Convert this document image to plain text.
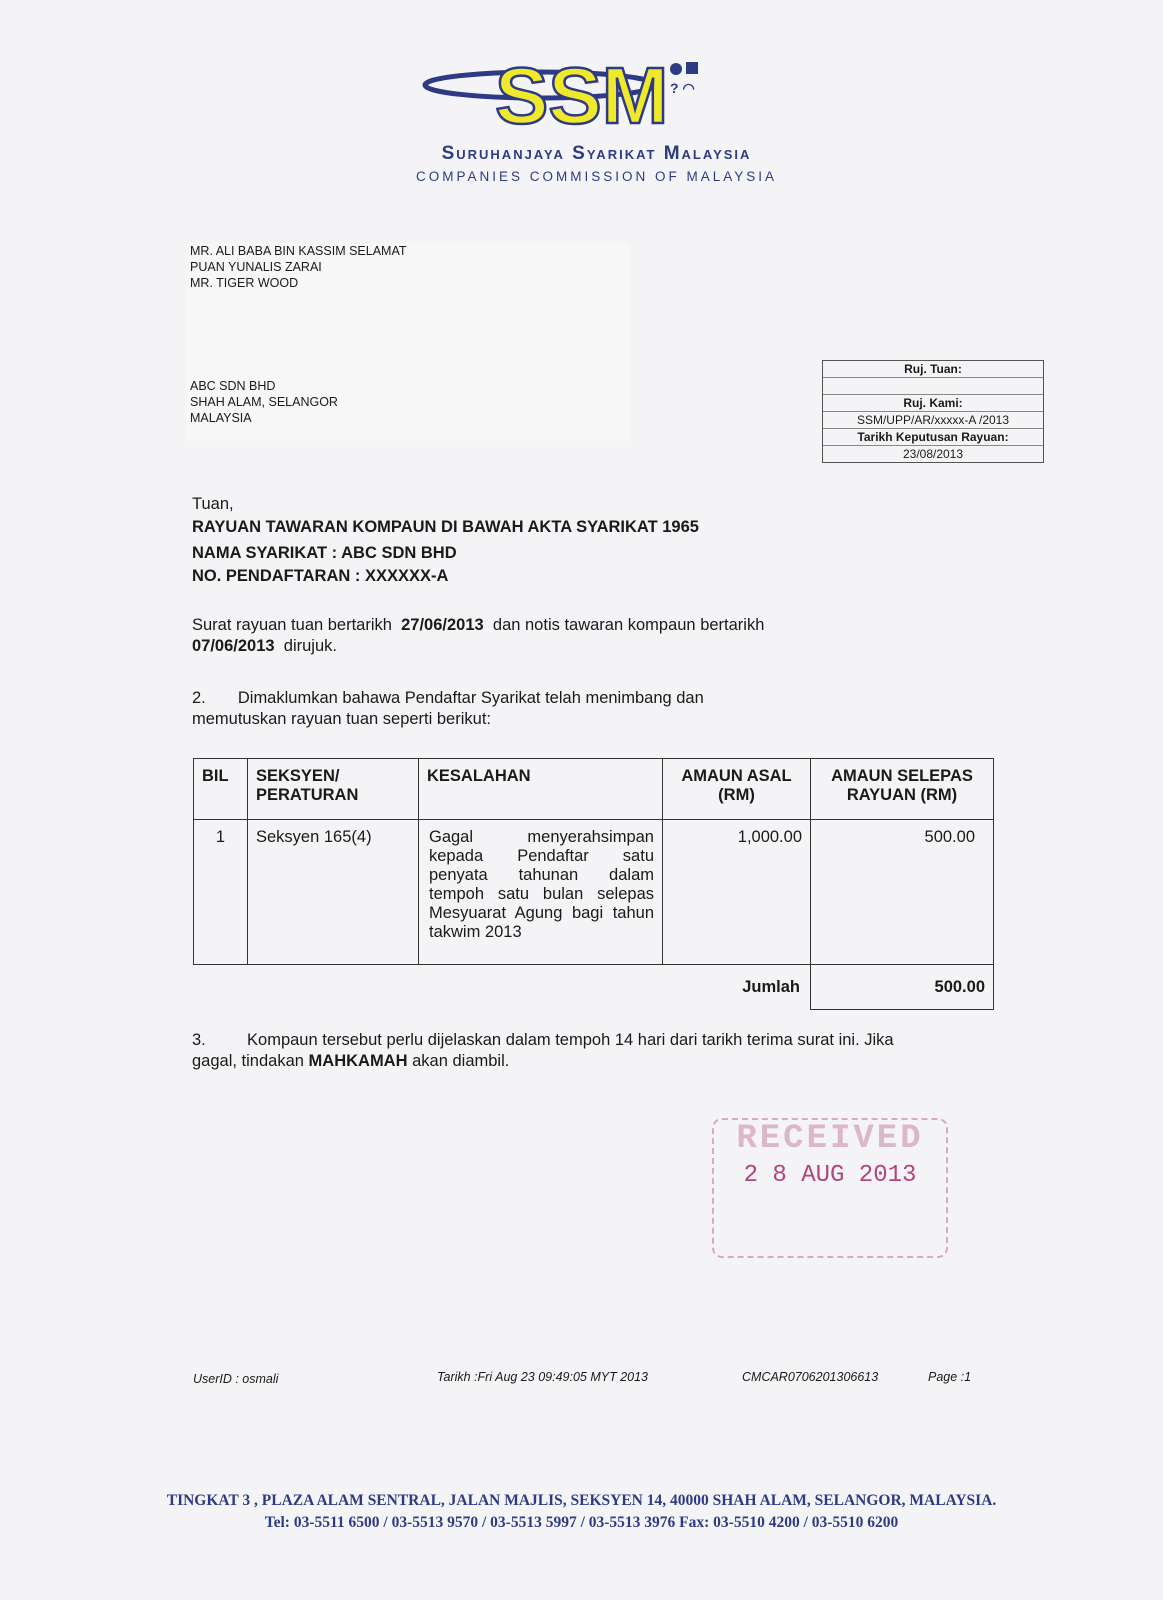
SSM ? ◠
Suruhanjaya Syarikat Malaysia
COMPANIES COMMISSION OF MALAYSIA
MR. ALI BABA BIN KASSIM SELAMAT
PUAN YUNALIS ZARAI
MR. TIGER WOOD
ABC SDN BHD
SHAH ALAM, SELANGOR
MALAYSIA
Ruj. Tuan:
Ruj. Kami:
SSM/UPP/AR/xxxxx-A /2013
Tarikh Keputusan Rayuan:
23/08/2013
Tuan,
RAYUAN TAWARAN KOMPAUN DI BAWAH AKTA SYARIKAT 1965
NAMA SYARIKAT : ABC SDN BHD
NO. PENDAFTARAN : XXXXXX-A
Surat rayuan tuan bertarikh 27/06/2013 dan notis tawaran kompaun bertarikh
07/06/2013 dirujuk.
2. Dimaklumkan bahawa Pendaftar Syarikat telah menimbang dan
memutuskan rayuan tuan seperti berikut:
BIL	SEKSYEN/ PERATURAN	KESALAHAN	AMAUN ASAL (RM)	AMAUN SELEPAS RAYUAN (RM)
1	Seksyen 165(4)	Gagal menyerahsimpan kepada Pendaftar satu penyata tahunan dalam tempoh satu bulan selepas Mesyuarat Agung bagi tahun takwim 2013	1,000.00	500.00
Jumlah				500.00
3.	Kompaun tersebut perlu dijelaskan dalam tempoh 14 hari dari tarikh terima surat ini. Jika
gagal, tindakan MAHKAMAH akan diambil.
RECEIVED
2 8 AUG 2013
UserID : osmali	Tarikh :Fri Aug 23 09:49:05 MYT 2013	CMCAR0706201306613	Page :1
TINGKAT 3 , PLAZA ALAM SENTRAL, JALAN MAJLIS, SEKSYEN 14, 40000 SHAH ALAM, SELANGOR, MALAYSIA.
Tel: 03-5511 6500 / 03-5513 9570 / 03-5513 5997 / 03-5513 3976 Fax: 03-5510 4200 / 03-5510 6200
